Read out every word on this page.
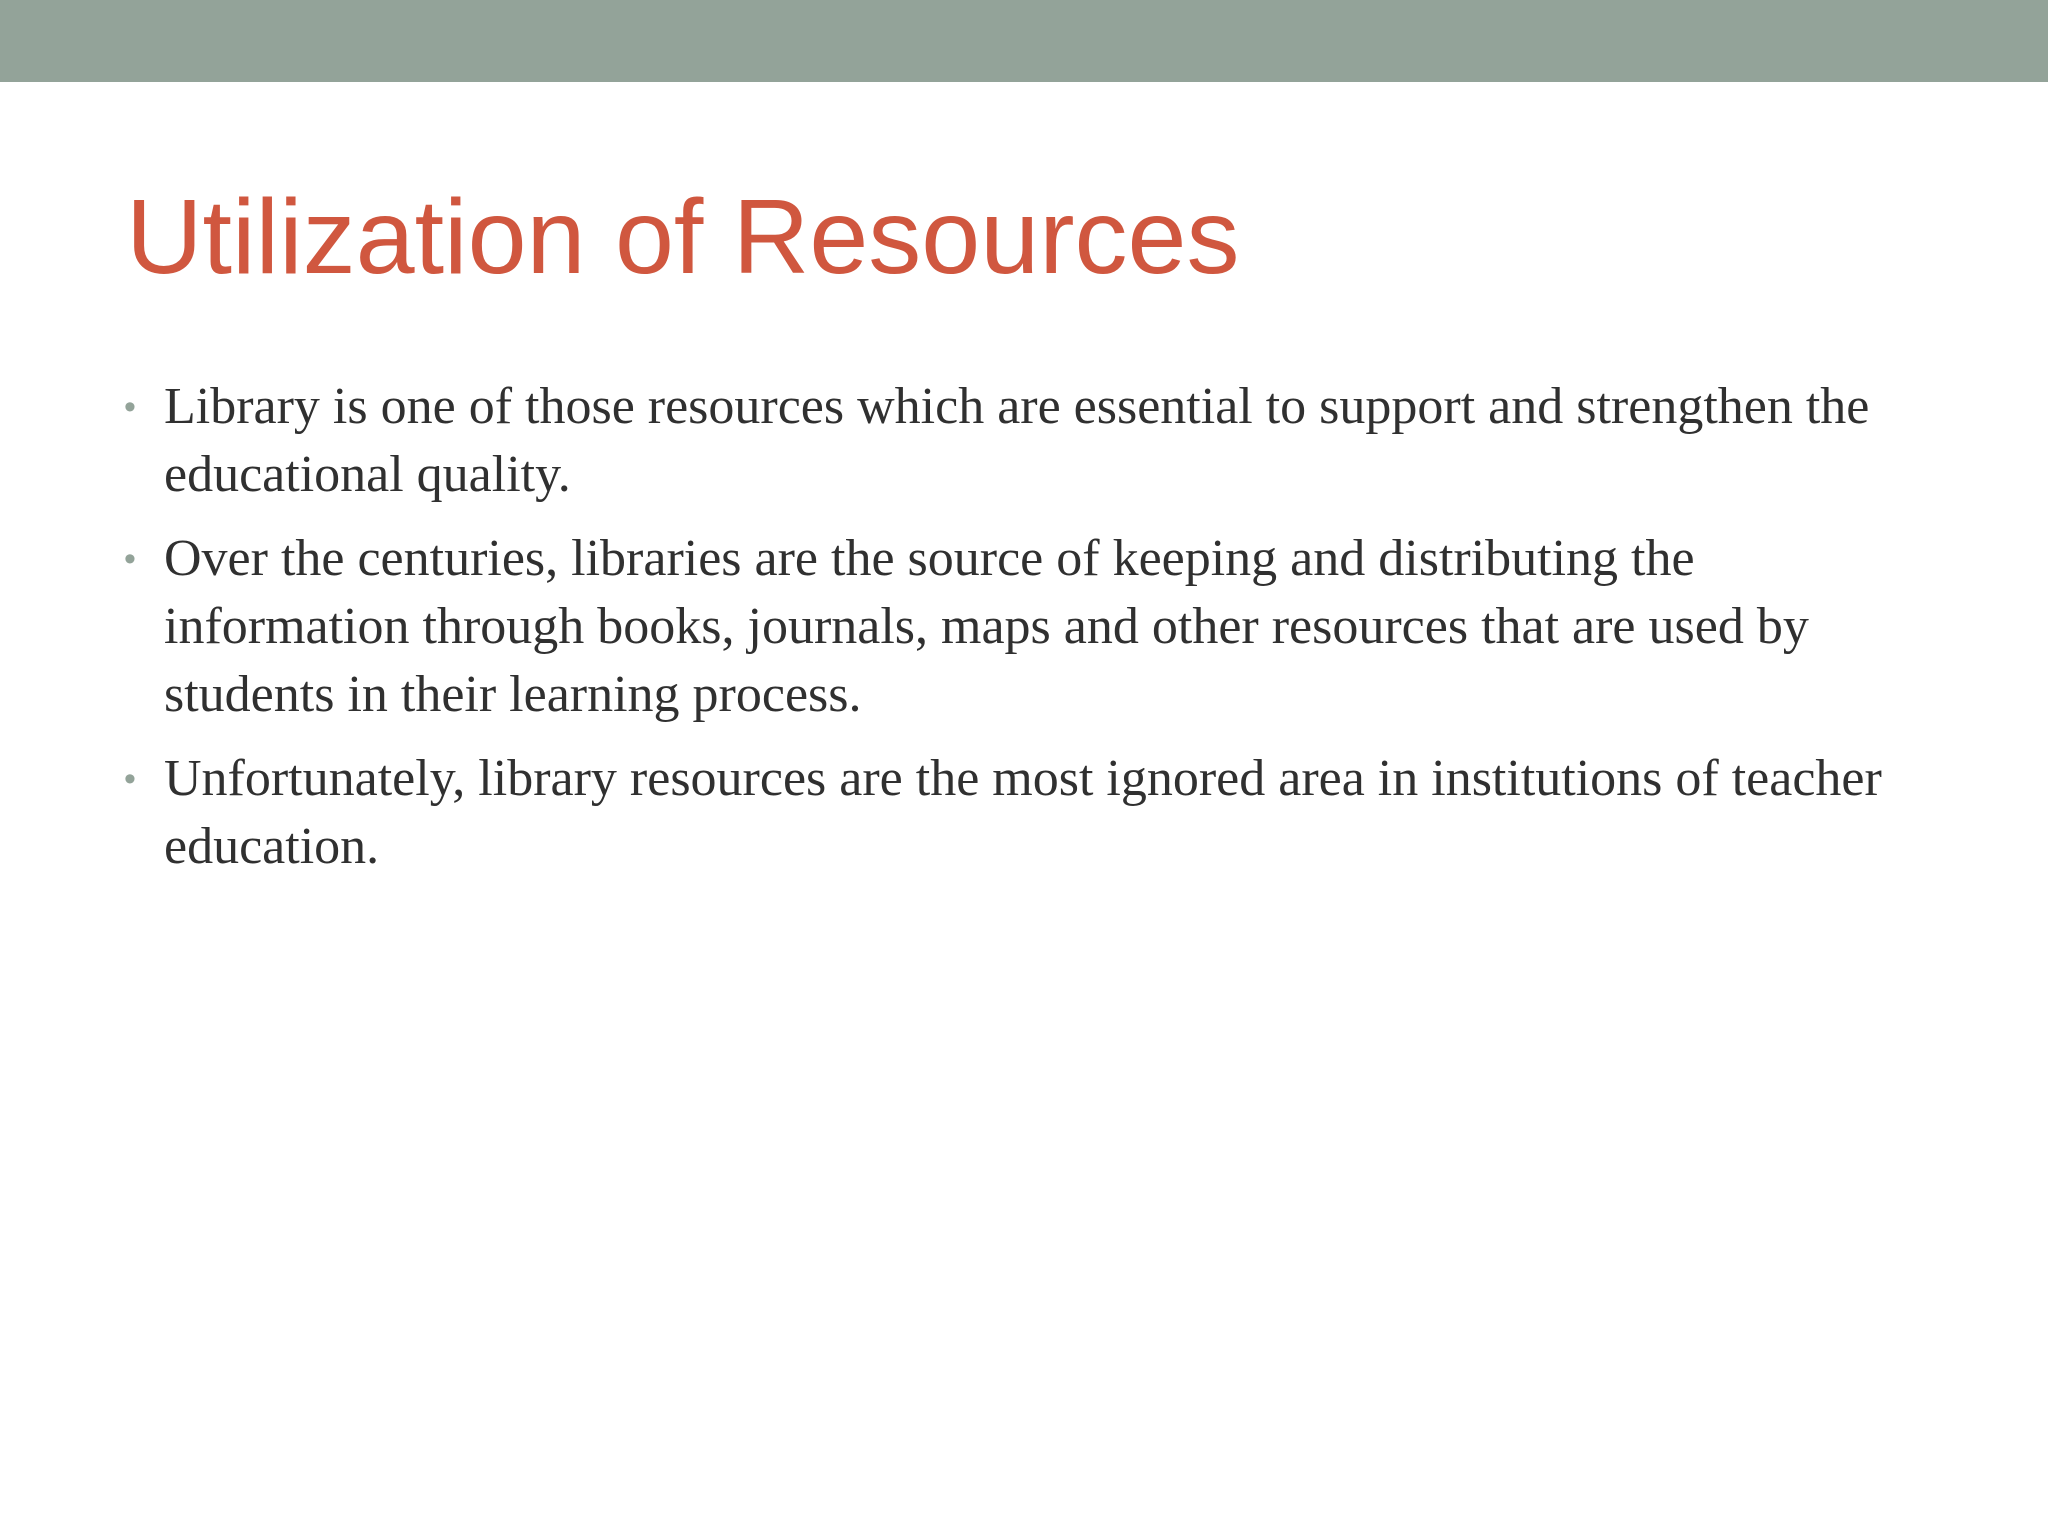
Utilization of Resources
• Library is one of those resources which are essential to support and strengthen the educational quality.
• Over the centuries, libraries are the source of keeping and distributing the information through books, journals, maps and other resources that are used by students in their learning process.
• Unfortunately, library resources are the most ignored area in institutions of teacher education.
